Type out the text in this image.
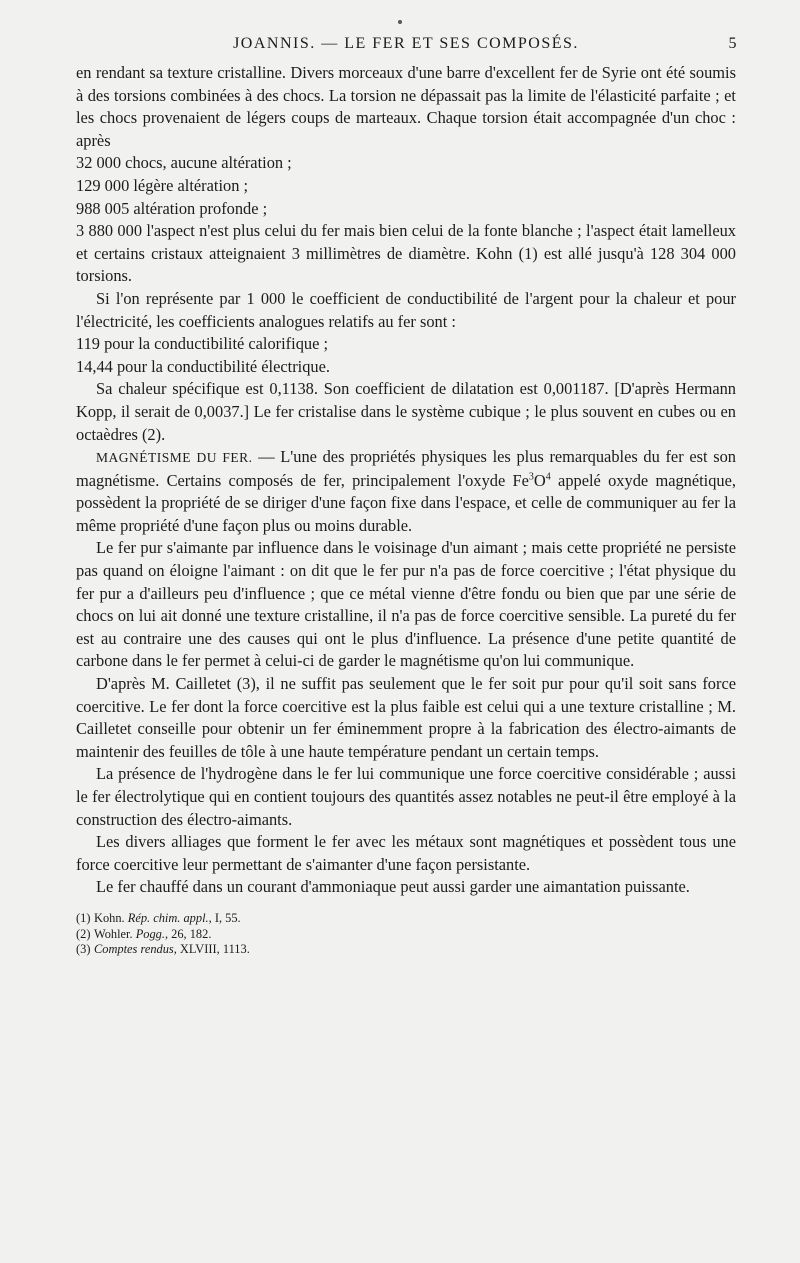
JOANNIS. — LE FER ET SES COMPOSÉS.	5

en rendant sa texture cristalline. Divers morceaux d'une barre d'excellent fer de Syrie ont été soumis à des torsions combinées à des chocs. La torsion ne dépassait pas la limite de l'élasticité parfaite ; et les chocs provenaient de légers coups de marteaux. Chaque torsion était accompagnée d'un choc : après

32 000 chocs, aucune altération ;
129 000 légère altération ;
988 005 altération profonde ;

3 880 000 l'aspect n'est plus celui du fer mais bien celui de la fonte blanche ; l'aspect était lamelleux et certains cristaux atteignaient 3 millimètres de diamètre. Kohn (1) est allé jusqu'à 128 304 000 torsions.

Si l'on représente par 1 000 le coefficient de conductibilité de l'argent pour la chaleur et pour l'électricité, les coefficients analogues relatifs au fer sont :

119 pour la conductibilité calorifique ;
14,44 pour la conductibilité électrique.

Sa chaleur spécifique est 0,1138. Son coefficient de dilatation est 0,001187. [D'après Hermann Kopp, il serait de 0,0037.] Le fer cristalise dans le système cubique ; le plus souvent en cubes ou en octaèdres (2).

MAGNÉTISME DU FER. — L'une des propriétés physiques les plus remarquables du fer est son magnétisme. Certains composés de fer, principalement l'oxyde $Fe^3O^4$ appelé oxyde magnétique, possèdent la propriété de se diriger d'une façon fixe dans l'espace, et celle de communiquer au fer la même propriété d'une façon plus ou moins durable.

Le fer pur s'aimante par influence dans le voisinage d'un aimant ; mais cette propriété ne persiste pas quand on éloigne l'aimant : on dit que le fer pur n'a pas de force coercitive ; l'état physique du fer pur a d'ailleurs peu d'influence ; que ce métal vienne d'être fondu ou bien que par une série de chocs on lui ait donné une texture cristalline, il n'a pas de force coercitive sensible. La pureté du fer est au contraire une des causes qui ont le plus d'influence. La présence d'une petite quantité de carbone dans le fer permet à celui-ci de garder le magnétisme qu'on lui communique.

D'après M. Cailletet (3), il ne suffit pas seulement que le fer soit pur pour qu'il soit sans force coercitive. Le fer dont la force coercitive est la plus faible est celui qui a une texture cristalline ; M. Cailletet conseille pour obtenir un fer éminemment propre à la fabrication des électro-aimants de maintenir des feuilles de tôle à une haute température pendant un certain temps.

La présence de l'hydrogène dans le fer lui communique une force coercitive considérable ; aussi le fer électrolytique qui en contient toujours des quantités assez notables ne peut-il être employé à la construction des électro-aimants.

Les divers alliages que forment le fer avec les métaux sont magnétiques et possèdent tous une force coercitive leur permettant de s'aimanter d'une façon persistante.

Le fer chauffé dans un courant d'ammoniaque peut aussi garder une aimantation puissante.

(1) Kohn. Rép. chim. appl., I, 55.
(2) Wohler. Pogg., 26, 182.
(3) Comptes rendus, XLVIII, 1113.
